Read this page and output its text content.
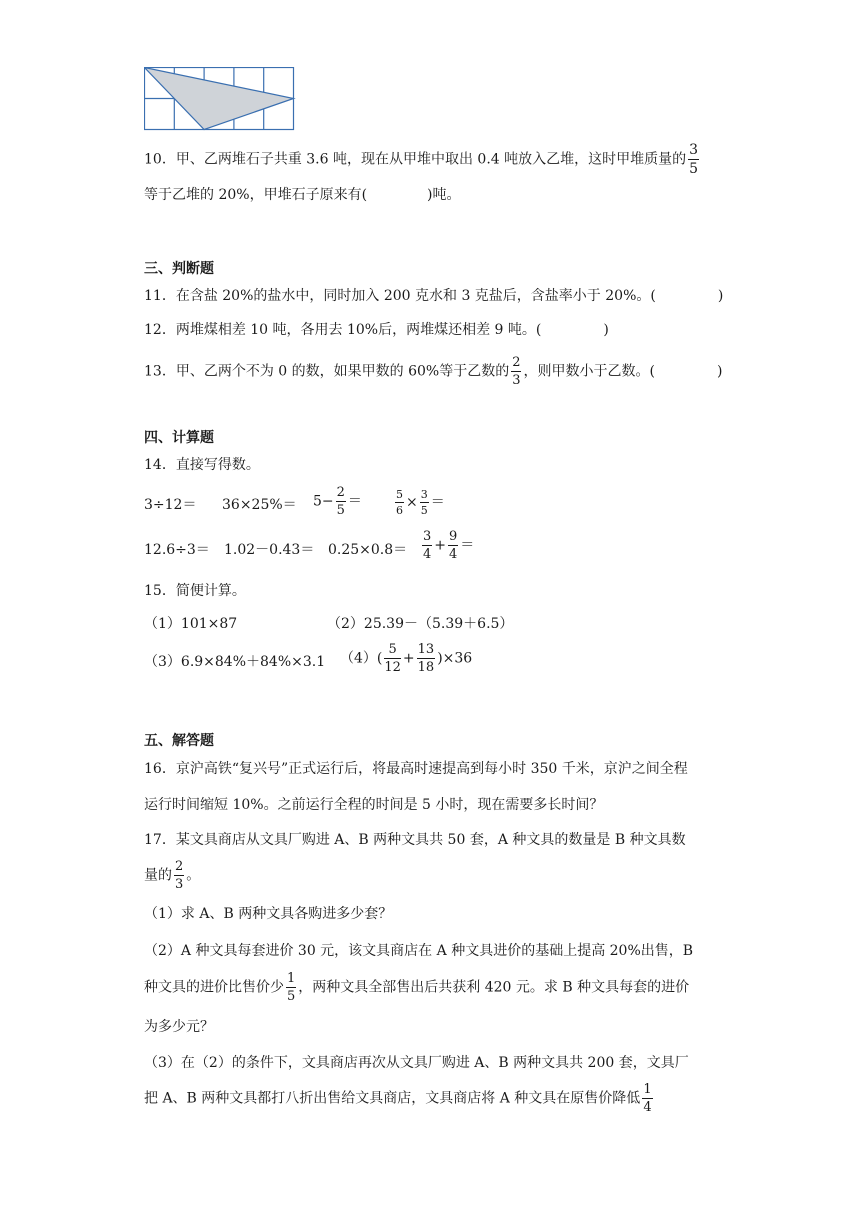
10．甲、乙两堆石子共重 3.6 吨，现在从甲堆中取出 0.4 吨放入乙堆，这时甲堆质量的 $\frac{3}{5}$
等于乙堆的 20%，甲堆石子原来有(	)吨。
三、判断题
11．在含盐 20%的盐水中，同时加入 200 克水和 3 克盐后，含盐率小于 20%。(	)
12．两堆煤相差 10 吨，各用去 10%后，两堆煤还相差 9 吨。(	)
13．甲、乙两个不为 0 的数，如果甲数的 60%等于乙数的 $\frac{2}{3}$ ，则甲数小于乙数。(	)
四、计算题
14．直接写得数。
$3\div 12= 36\times 25\%= 5- \frac{2}{5}$ ＝	$\frac{5}{6} \times \frac{3}{5}$ ＝
$12.6\div 3= 1.02-0.43= 0.25\times 0.8= \frac{3}{4} + \frac{9}{4}$ ＝
15．简便计算。
（1）101×87	（2）25.39－（5.39＋6.5）
（3）6.9×84%＋84%×3.1 $(4)( \frac{5}{12} + \frac{13}{18} )\times 36$
五、解答题
16．京沪高铁“复兴号”正式运行后，将最高时速提高到每小时 350 千米，京沪之间全程
运行时间缩短 10%。之前运行全程的时间是 5 小时，现在需要多长时间？
17．某文具商店从文具厂购进 A、B 两种文具共 50 套，A 种文具的数量是 B 种文具数
量的 $\frac{2}{3}$ 。
（1）求 A、B 两种文具各购进多少套？
（2）A 种文具每套进价 30 元，该文具商店在 A 种文具进价的基础上提高 20%出售，B
种文具的进价比售价少 $\frac{1}{5}$ ，两种文具全部售出后共获利 420 元。求 B 种文具每套的进价
为多少元？
（3）在（2）的条件下，文具商店再次从文具厂购进 A、B 两种文具共 200 套，文具厂
把 A、B 两种文具都打八折出售给文具商店，文具商店将 A 种文具在原售价降低 $\frac{1}{4}$
